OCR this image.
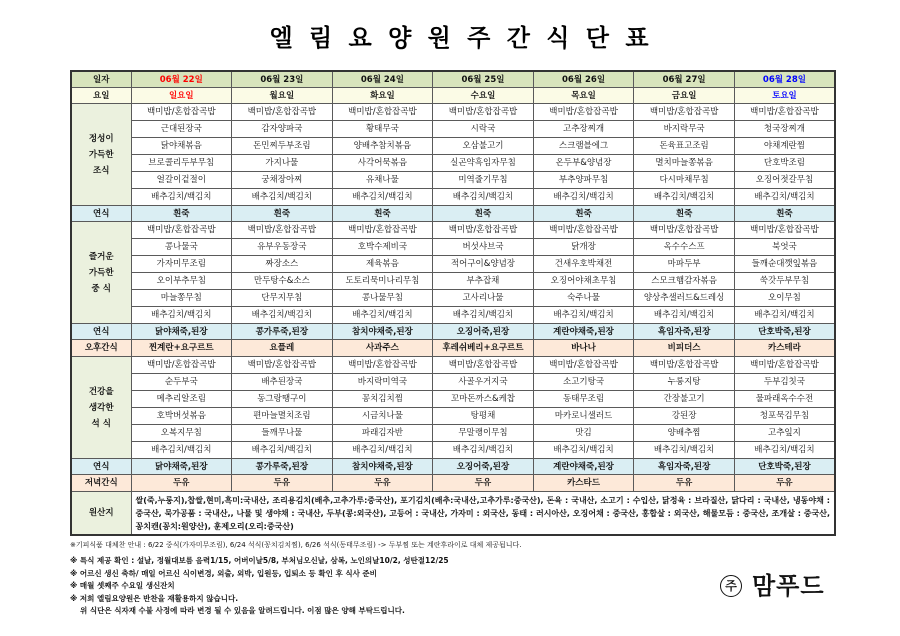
엘 림 요 양 원 주 간 식 단 표
일자	06월 22일	06월 23일	06월 24일	06월 25일	06월 26일	06월 27일	06월 28일
요일	일요일	월요일	화요일	수요일	목요일	금요일	토요일

정성이
가득한
조식	백미밥/혼합잡곡밥	백미밥/혼합잡곡밥	백미밥/혼합잡곡밥	백미밥/혼합잡곡밥	백미밥/혼합잡곡밥	백미밥/혼합잡곡밥	백미밥/혼합잡곡밥
	근대된장국	감자양파국	황태무국	시락국	고추장찌개	바지락무국	청국장찌개
	닭야채볶음	돈민찌두부조림	양배추참치볶음	오삼불고기	스크램블에그	돈육표고조림	야채계란찜
	브로콜리두부무침	가지나물	사각어묵볶음	실곤약흑임자무침	온두부&양념장	멸치마늘쫑볶음	단호박조림
	얼갈이겉절이	궁채장아찌	유채나물	미역줄기무침	부추양파무침	다시마채무침	오징어젓갈무침
	배추김치/백김치	배추김치/백김치	배추김치/백김치	배추김치/백김치	배추김치/백김치	배추김치/백김치	배추김치/백김치
연식	흰죽	흰죽	흰죽	흰죽	흰죽	흰죽	흰죽

즐거운
가득한
중 식	백미밥/혼합잡곡밥	백미밥/혼합잡곡밥	백미밥/혼합잡곡밥	백미밥/혼합잡곡밥	백미밥/혼합잡곡밥	백미밥/혼합잡곡밥	백미밥/혼합잡곡밥
	콩나물국	유부우동장국	호박수제비국	버섯샤브국	닭개장	옥수수스프	북엇국
	가자미무조림	짜장소스	제육볶음	적어구이&양념장	건새우호박채전	마파두부	들깨순대깻잎볶음
	오이부추무침	만두탕수&소스	도토리묵미나리무침	부추잡채	오징어야채초무침	스모크햄감자볶음	쑥갓두부무침
	마늘쫑무침	단무지무침	콩나물무침	고사리나물	숙주나물	양상추샐러드&드레싱	오이무침
	배추김치/백김치	배추김치/백김치	배추김치/백김치	배추김치/백김치	배추김치/백김치	배추김치/백김치	배추김치/백김치
연식	닭야채죽,된장	콩가루죽,된장	참치야채죽,된장	오징어죽,된장	계란야채죽,된장	흑임자죽,된장	단호박죽,된장
오후간식	찐계란+요구르트	요플레	사과주스	후레쉬베리+요구르트	바나나	비피더스	카스테라

건강을
생각한
석 식	백미밥/혼합잡곡밥	백미밥/혼합잡곡밥	백미밥/혼합잡곡밥	백미밥/혼합잡곡밥	백미밥/혼합잡곡밥	백미밥/혼합잡곡밥	백미밥/혼합잡곡밥
	순두부국	배추된장국	바지락미역국	사골우거지국	소고기탕국	누룽지탕	두부김칫국
	메추리알조림	동그랑땡구이	꽁치김치찜	꼬마돈까스&케찹	동태무조림	간장불고기	물파래옥수수전
	호박버섯볶음	편마늘멸치조림	시금치나물	탕평채	마카로니샐러드	강된장	청포묵김무침
	오복지무침	들깨무나물	파래김자반	무말랭이무침	맛김	양배추찜	고추잎지
	배추김치/백김치	배추김치/백김치	배추김치/백김치	배추김치/백김치	배추김치/백김치	배추김치/백김치	배추김치/백김치
연식	닭야채죽,된장	콩가루죽,된장	참치야채죽,된장	오징어죽,된장	계란야채죽,된장	흑임자죽,된장	단호박죽,된장
저녁간식	두유	두유	두유	두유	카스타드	두유	두유
원산지	쌀(죽,누룽지),찹쌀,현미,흑미:국내산, 조리용김치(배추,고추가루:중국산), 포기김치(배추:국내산,고추가루:중국산), 돈육 : 국내산, 소고기 : 수입산, 닭정육 : 브라질산, 닭다리 : 국내산, 냉동야채 : 중국산, 묵가공품 : 국내산,, 나물 및 생야채 : 국내산, 두부(콩:외국산), 고등어 : 국내산, 가자미 : 외국산, 동태 : 러시아산, 오징어채 : 중국산, 홍합살 : 외국산, 해물모듬 : 중국산, 조개살 : 중국산, 꽁치캔(꽁치:원양산), 훈제오리(오리:중국산)						
※기피식품 대체찬 안내 : 6/22 중식(가자미무조림), 6/24 석식(꽁치김치찜), 6/26 석식(동태무조림) -> 두부찜 또는 계란후라이로 대체 제공됩니다.
※ 특식 제공 확인 : 설날, 정월대보름 음력1/15, 어버이날5/8, 부처님오신날, 삼복, 노인의날10/2, 성탄절12/25
※ 어르신 생신 축하/ 매일 어르신 식이변경, 외출, 외박, 입원등, 입퇴소 등 확인 후 식사 준비
※ 매월 셋째주 수요일 생신잔치
※ 저희 엘림요양원은 반찬을 재활용하지 않습니다.
위 식단은 식자재 수불 사정에 따라 변경 될 수 있음을 알려드립니다. 이점 많은 양해 부탁드립니다.
주 맘푸드
